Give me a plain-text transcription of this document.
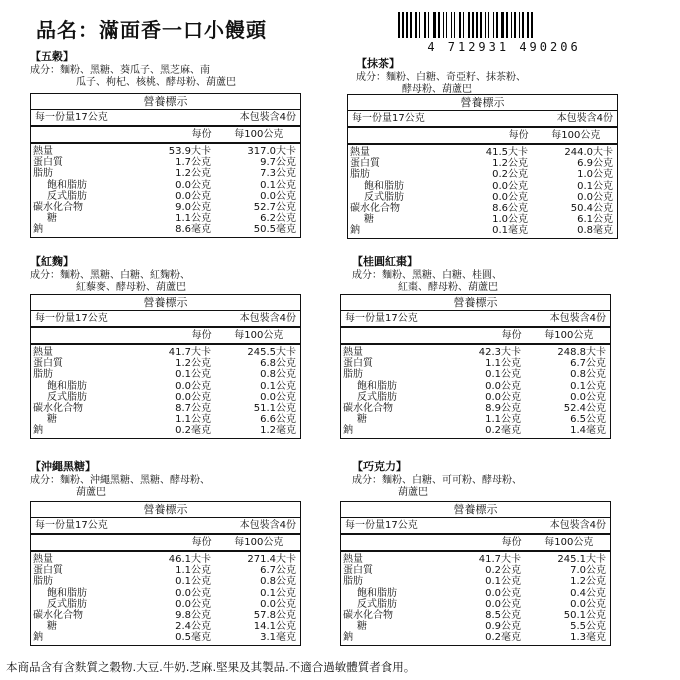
品名：滿面香一口小饅頭
4 712931 490206
【五穀】
成分：麵粉、黑糖、葵瓜子、黑芝麻、南
瓜子、枸杞、核桃、酵母粉、葫蘆巴
營養標示
每一份量17公克	本包裝含4份
每份	每100公克
熱量	53.9大卡	317.0大卡
蛋白質	1.7公克	9.7公克
脂肪	1.2公克	7.3公克
飽和脂肪	0.0公克	0.1公克
反式脂肪	0.0公克	0.0公克
碳水化合物	9.0公克	52.7公克
糖	1.1公克	6.2公克
鈉	8.6毫克	50.5毫克
【抹茶】
成分：麵粉、白糖、奇亞籽、抹茶粉、
酵母粉、葫蘆巴
營養標示
每一份量17公克	本包裝含4份
每份	每100公克
熱量	41.5大卡	244.0大卡
蛋白質	1.2公克	6.9公克
脂肪	0.2公克	1.0公克
飽和脂肪	0.0公克	0.1公克
反式脂肪	0.0公克	0.0公克
碳水化合物	8.6公克	50.4公克
糖	1.0公克	6.1公克
鈉	0.1毫克	0.8毫克
【紅麴】
成分：麵粉、黑糖、白糖、紅麴粉、
紅藜麥、酵母粉、葫蘆巴
營養標示
每一份量17公克	本包裝含4份
每份	每100公克
熱量	41.7大卡	245.5大卡
蛋白質	1.2公克	6.8公克
脂肪	0.1公克	0.8公克
飽和脂肪	0.0公克	0.1公克
反式脂肪	0.0公克	0.0公克
碳水化合物	8.7公克	51.1公克
糖	1.1公克	6.6公克
鈉	0.2毫克	1.2毫克
【桂圓紅棗】
成分：麵粉、黑糖、白糖、桂圓、
紅棗、酵母粉、葫蘆巴
營養標示
每一份量17公克	本包裝含4份
每份	每100公克
熱量	42.3大卡	248.8大卡
蛋白質	1.1公克	6.7公克
脂肪	0.1公克	0.8公克
飽和脂肪	0.0公克	0.1公克
反式脂肪	0.0公克	0.0公克
碳水化合物	8.9公克	52.4公克
糖	1.1公克	6.5公克
鈉	0.2毫克	1.4毫克
【沖繩黑糖】
成分：麵粉、沖繩黑糖、黑糖、酵母粉、
葫蘆巴
營養標示
每一份量17公克	本包裝含4份
每份	每100公克
熱量	46.1大卡	271.4大卡
蛋白質	1.1公克	6.7公克
脂肪	0.1公克	0.8公克
飽和脂肪	0.0公克	0.1公克
反式脂肪	0.0公克	0.0公克
碳水化合物	9.8公克	57.8公克
糖	2.4公克	14.1公克
鈉	0.5毫克	3.1毫克
【巧克力】
成分：麵粉、白糖、可可粉、酵母粉、
葫蘆巴
營養標示
每一份量17公克	本包裝含4份
每份	每100公克
熱量	41.7大卡	245.1大卡
蛋白質	0.2公克	7.0公克
脂肪	0.1公克	1.2公克
飽和脂肪	0.0公克	0.4公克
反式脂肪	0.0公克	0.0公克
碳水化合物	8.5公克	50.1公克
糖	0.9公克	5.5公克
鈉	0.2毫克	1.3毫克
本商品含有含麩質之穀物.大豆.牛奶.芝麻.堅果及其製品.不適合過敏體質者食用。
